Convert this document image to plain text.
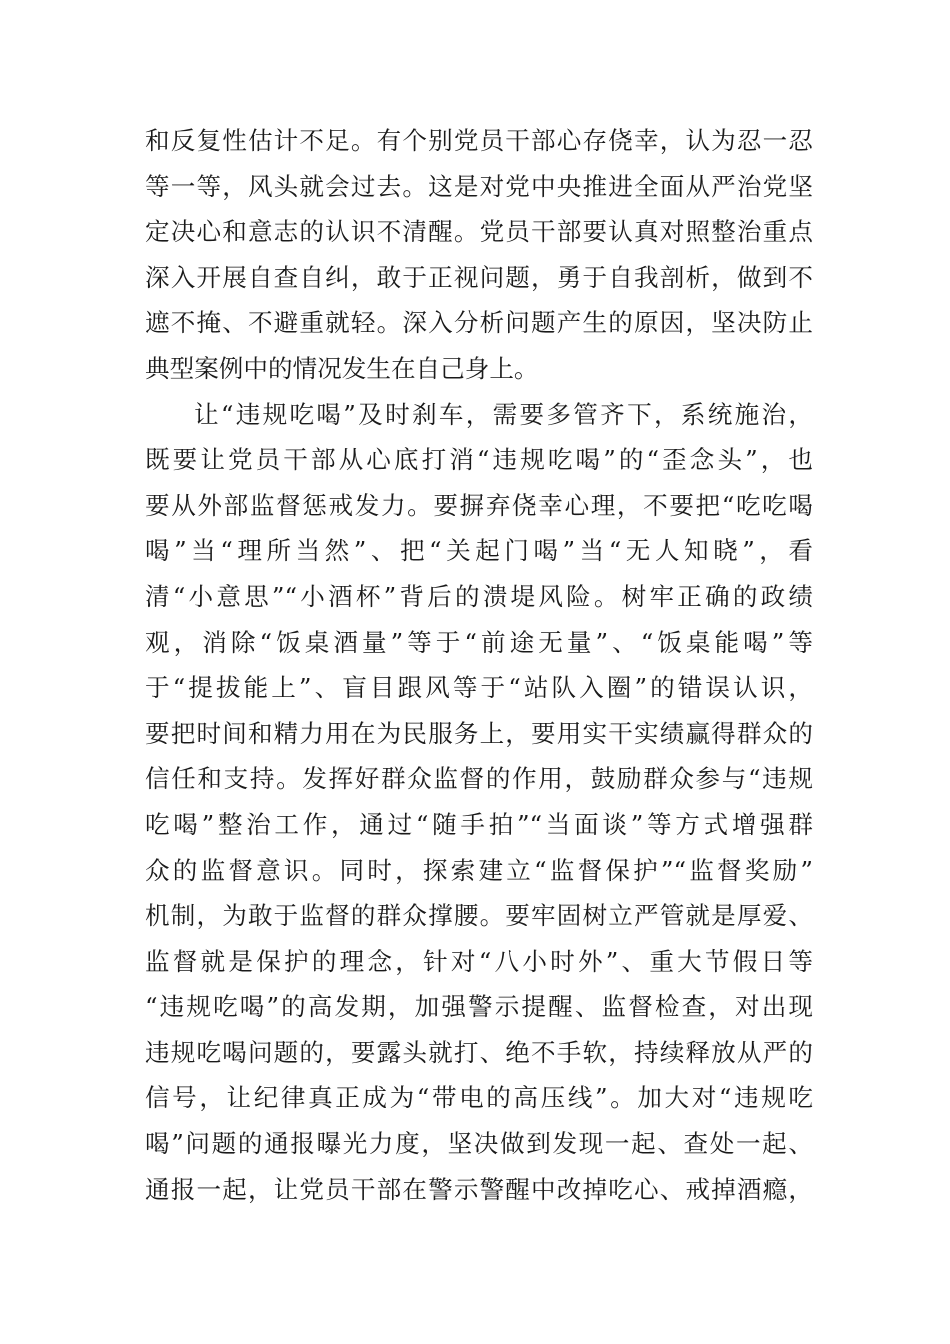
和反复性估计不足。有个别党员干部心存侥幸，认为忍一忍
等一等，风头就会过去。这是对党中央推进全面从严治党坚
定决心和意志的认识不清醒。党员干部要认真对照整治重点
深入开展自查自纠，敢于正视问题，勇于自我剖析，做到不
遮不掩、不避重就轻。深入分析问题产生的原因，坚决防止
典型案例中的情况发生在自己身上。
让“违规吃喝”及时刹车，需要多管齐下，系统施治，
既要让党员干部从心底打消“违规吃喝”的“歪念头”，也
要从外部监督惩戒发力。要摒弃侥幸心理，不要把“吃吃喝
喝”当“理所当然”、把“关起门喝”当“无人知晓”，看
清“小意思”“小酒杯”背后的溃堤风险。树牢正确的政绩
观，消除“饭桌酒量”等于“前途无量”、“饭桌能喝”等
于“提拔能上”、盲目跟风等于“站队入圈”的错误认识，
要把时间和精力用在为民服务上，要用实干实绩赢得群众的
信任和支持。发挥好群众监督的作用，鼓励群众参与“违规
吃喝”整治工作，通过“随手拍”“当面谈”等方式增强群
众的监督意识。同时，探索建立“监督保护”“监督奖励”
机制，为敢于监督的群众撑腰。要牢固树立严管就是厚爱、
监督就是保护的理念，针对“八小时外”、重大节假日等
“违规吃喝”的高发期，加强警示提醒、监督检查，对出现
违规吃喝问题的，要露头就打、绝不手软，持续释放从严的
信号，让纪律真正成为“带电的高压线”。加大对“违规吃
喝”问题的通报曝光力度，坚决做到发现一起、查处一起、
通报一起，让党员干部在警示警醒中改掉吃心、戒掉酒瘾，
